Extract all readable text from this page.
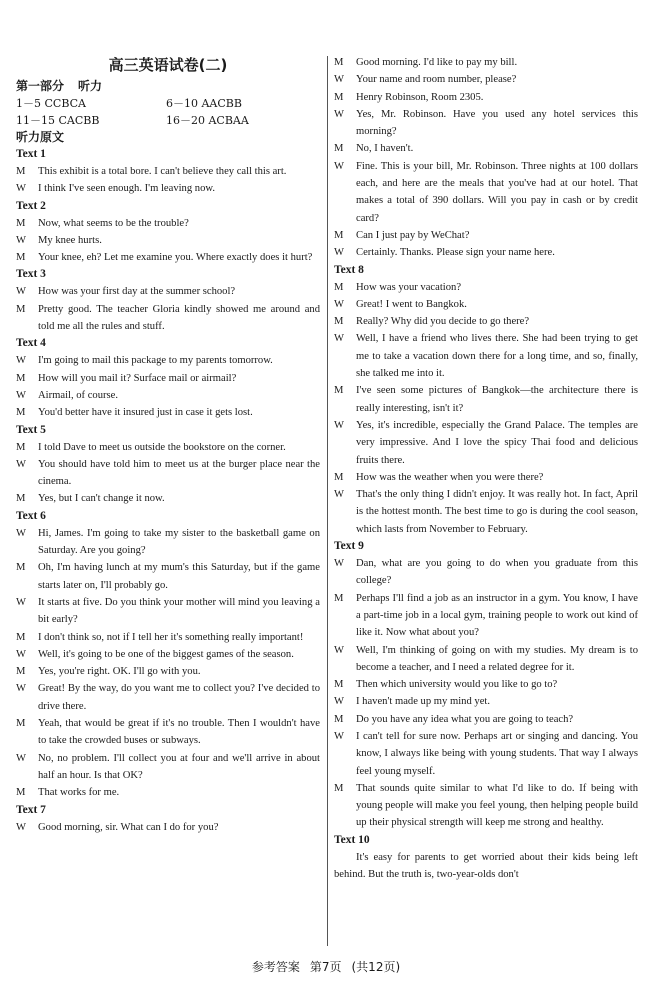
高三英语试卷(二)
第一部分 听力
1－5 CCBCA	6－10 AACBB
11－15 CACBB	16－20 ACBAA
听力原文
Text 1
M This exhibit is a total bore. I can't believe they call this art.
W I think I've seen enough. I'm leaving now.
Text 2
M Now, what seems to be the trouble?
W My knee hurts.
M Your knee, eh? Let me examine you. Where exactly does it hurt?
Text 3
W How was your first day at the summer school?
M Pretty good. The teacher Gloria kindly showed me around and told me all the rules and stuff.
Text 4
W I'm going to mail this package to my parents tomorrow.
M How will you mail it? Surface mail or airmail?
W Airmail, of course.
M You'd better have it insured just in case it gets lost.
Text 5
M I told Dave to meet us outside the bookstore on the corner.
W You should have told him to meet us at the burger place near the cinema.
M Yes, but I can't change it now.
Text 6
W Hi, James. I'm going to take my sister to the basketball game on Saturday. Are you going?
M Oh, I'm having lunch at my mum's this Saturday, but if the game starts later on, I'll probably go.
W It starts at five. Do you think your mother will mind you leaving a bit early?
M I don't think so, not if I tell her it's something really important!
W Well, it's going to be one of the biggest games of the season.
M Yes, you're right. OK. I'll go with you.
W Great! By the way, do you want me to collect you? I've decided to drive there.
M Yeah, that would be great if it's no trouble. Then I wouldn't have to take the crowded buses or subways.
W No, no problem. I'll collect you at four and we'll arrive in about half an hour. Is that OK?
M That works for me.
Text 7
W Good morning, sir. What can I do for you?
M Good morning. I'd like to pay my bill.
W Your name and room number, please?
M Henry Robinson, Room 2305.
W Yes, Mr. Robinson. Have you used any hotel services this morning?
M No, I haven't.
W Fine. This is your bill, Mr. Robinson. Three nights at 100 dollars each, and here are the meals that you've had at our hotel. That makes a total of 390 dollars. Will you pay in cash or by credit card?
M Can I just pay by WeChat?
W Certainly. Thanks. Please sign your name here.
Text 8
M How was your vacation?
W Great! I went to Bangkok.
M Really? Why did you decide to go there?
W Well, I have a friend who lives there. She had been trying to get me to take a vacation down there for a long time, and so, finally, she talked me into it.
M I've seen some pictures of Bangkok—the architecture there is really interesting, isn't it?
W Yes, it's incredible, especially the Grand Palace. The temples are very impressive. And I love the spicy Thai food and delicious fruits there.
M How was the weather when you were there?
W That's the only thing I didn't enjoy. It was really hot. In fact, April is the hottest month. The best time to go is during the cool season, which lasts from November to February.
Text 9
W Dan, what are you going to do when you graduate from this college?
M Perhaps I'll find a job as an instructor in a gym. You know, I have a part-time job in a local gym, training people to work out kind of like it. Now what about you?
W Well, I'm thinking of going on with my studies. My dream is to become a teacher, and I need a related degree for it.
M Then which university would you like to go to?
W I haven't made up my mind yet.
M Do you have any idea what you are going to teach?
W I can't tell for sure now. Perhaps art or singing and dancing. You know, I always like being with young students. That way I always feel young myself.
M That sounds quite similar to what I'd like to do. If being with young people will make you feel young, then helping people build up their physical strength will keep me strong and healthy.
Text 10
It's easy for parents to get worried about their kids being left behind. But the truth is, two-year-olds don't
参考答案 第7页 (共12页)
